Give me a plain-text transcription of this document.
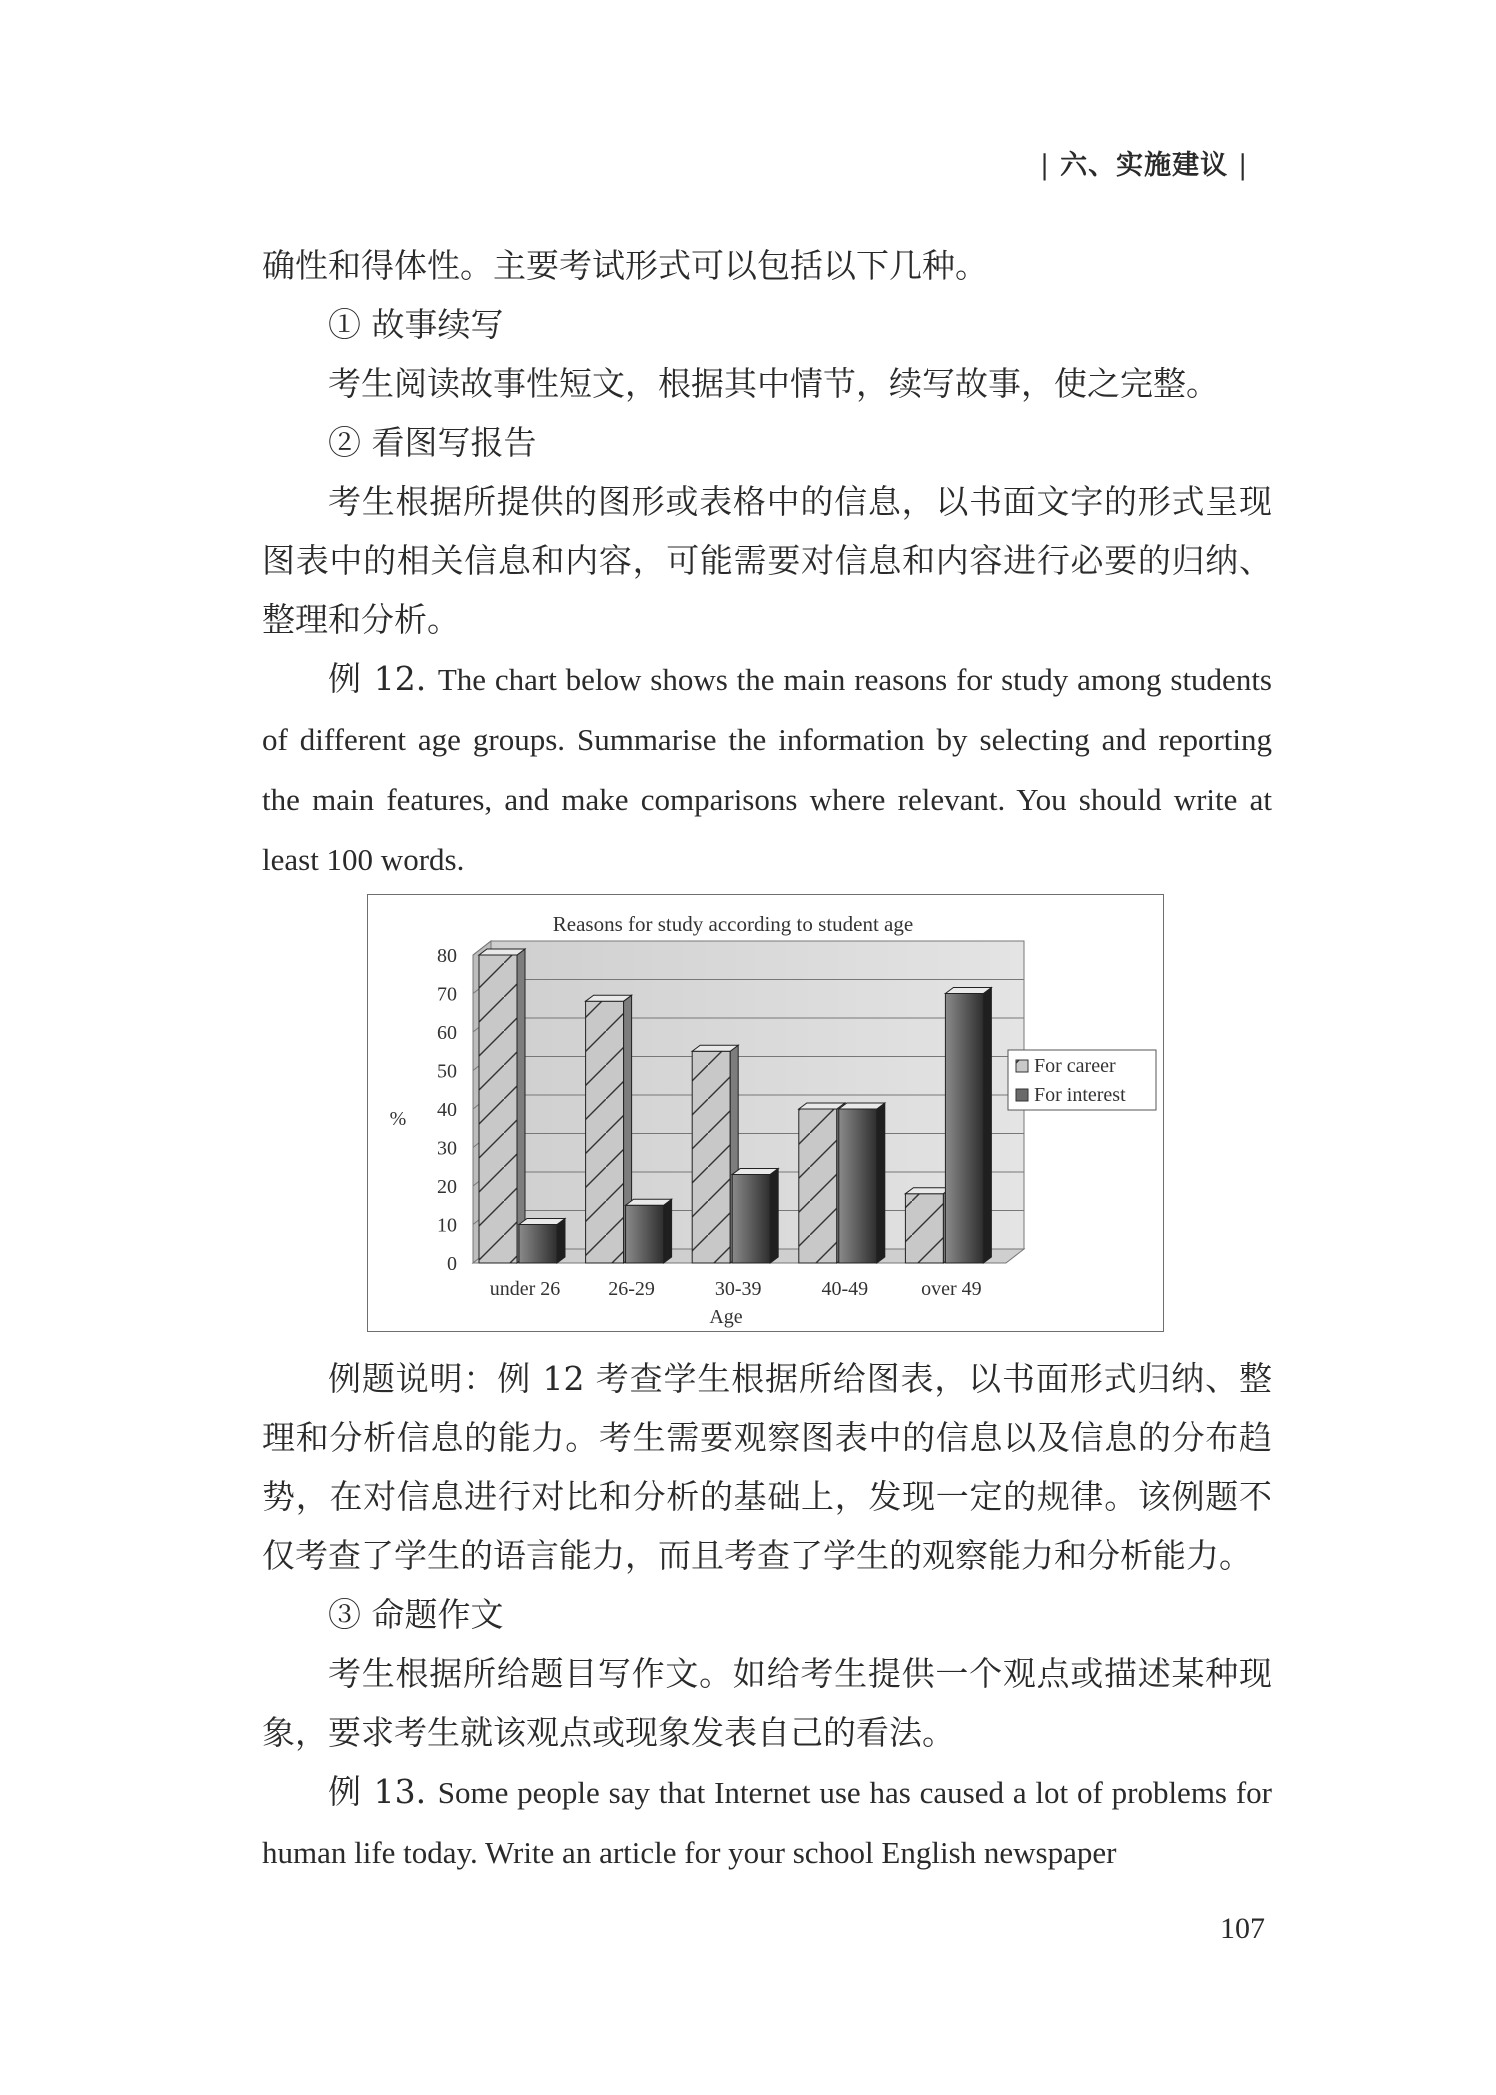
| 六、实施建议 |

确性和得体性。主要考试形式可以包括以下几种。

① 故事续写

考生阅读故事性短文，根据其中情节，续写故事，使之完整。

② 看图写报告

考生根据所提供的图形或表格中的信息，以书面文字的形式呈现图表中的相关信息和内容，可能需要对信息和内容进行必要的归纳、整理和分析。

例 12. The chart below shows the main reasons for study among students of different age groups. Summarise the information by selecting and reporting the main features, and make comparisons where relevant. You should write at least 100 words.

Reasons for study according to student age
0
10
20
30
40
50
60
70
80
%
under 26 26-29	30-39	40-49	over 49
Age
For career
For interest

例题说明：例 12 考查学生根据所给图表，以书面形式归纳、整理和分析信息的能力。考生需要观察图表中的信息以及信息的分布趋势，在对信息进行对比和分析的基础上，发现一定的规律。该例题不仅考查了学生的语言能力，而且考查了学生的观察能力和分析能力。

③ 命题作文

考生根据所给题目写作文。如给考生提供一个观点或描述某种现象，要求考生就该观点或现象发表自己的看法。

例 13. Some people say that Internet use has caused a lot of problems for human life today. Write an article for your school English newspaper

107
